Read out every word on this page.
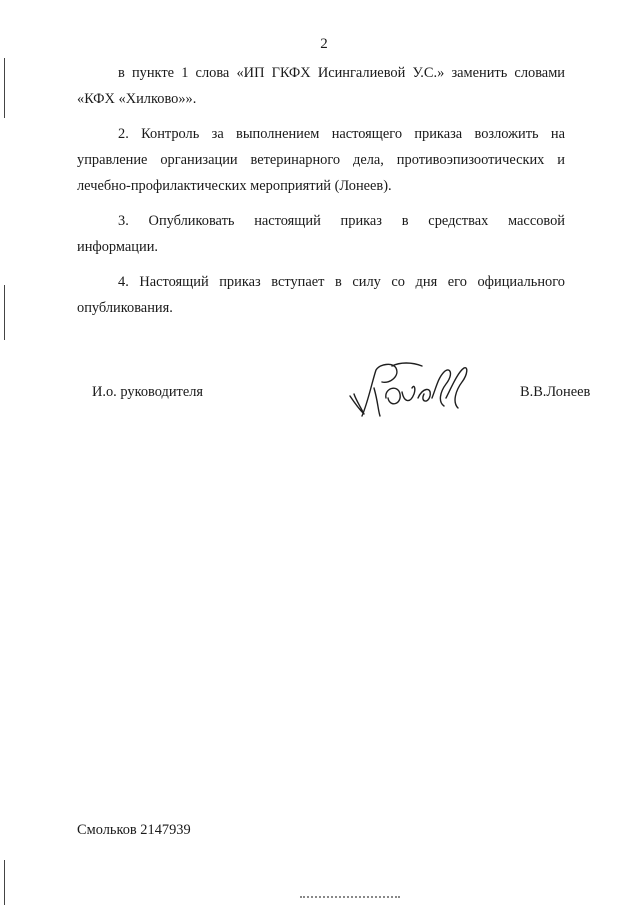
2

в пункте 1 слова «ИП ГКФХ Исингалиевой У.С.» заменить словами

«КФХ «Хилково»».

2. Контроль за выполнением настоящего приказа возложить на

управление организации ветеринарного дела, противоэпизоотических и лечебно-профилактических мероприятий (Лонеев).

3. Опубликовать настоящий приказ в средствах массовой

информации.

4. Настоящий приказ вступает в силу со дня его официального

опубликования.

И.о. руководителя	В.В.Лонеев
Смольков 2147939
